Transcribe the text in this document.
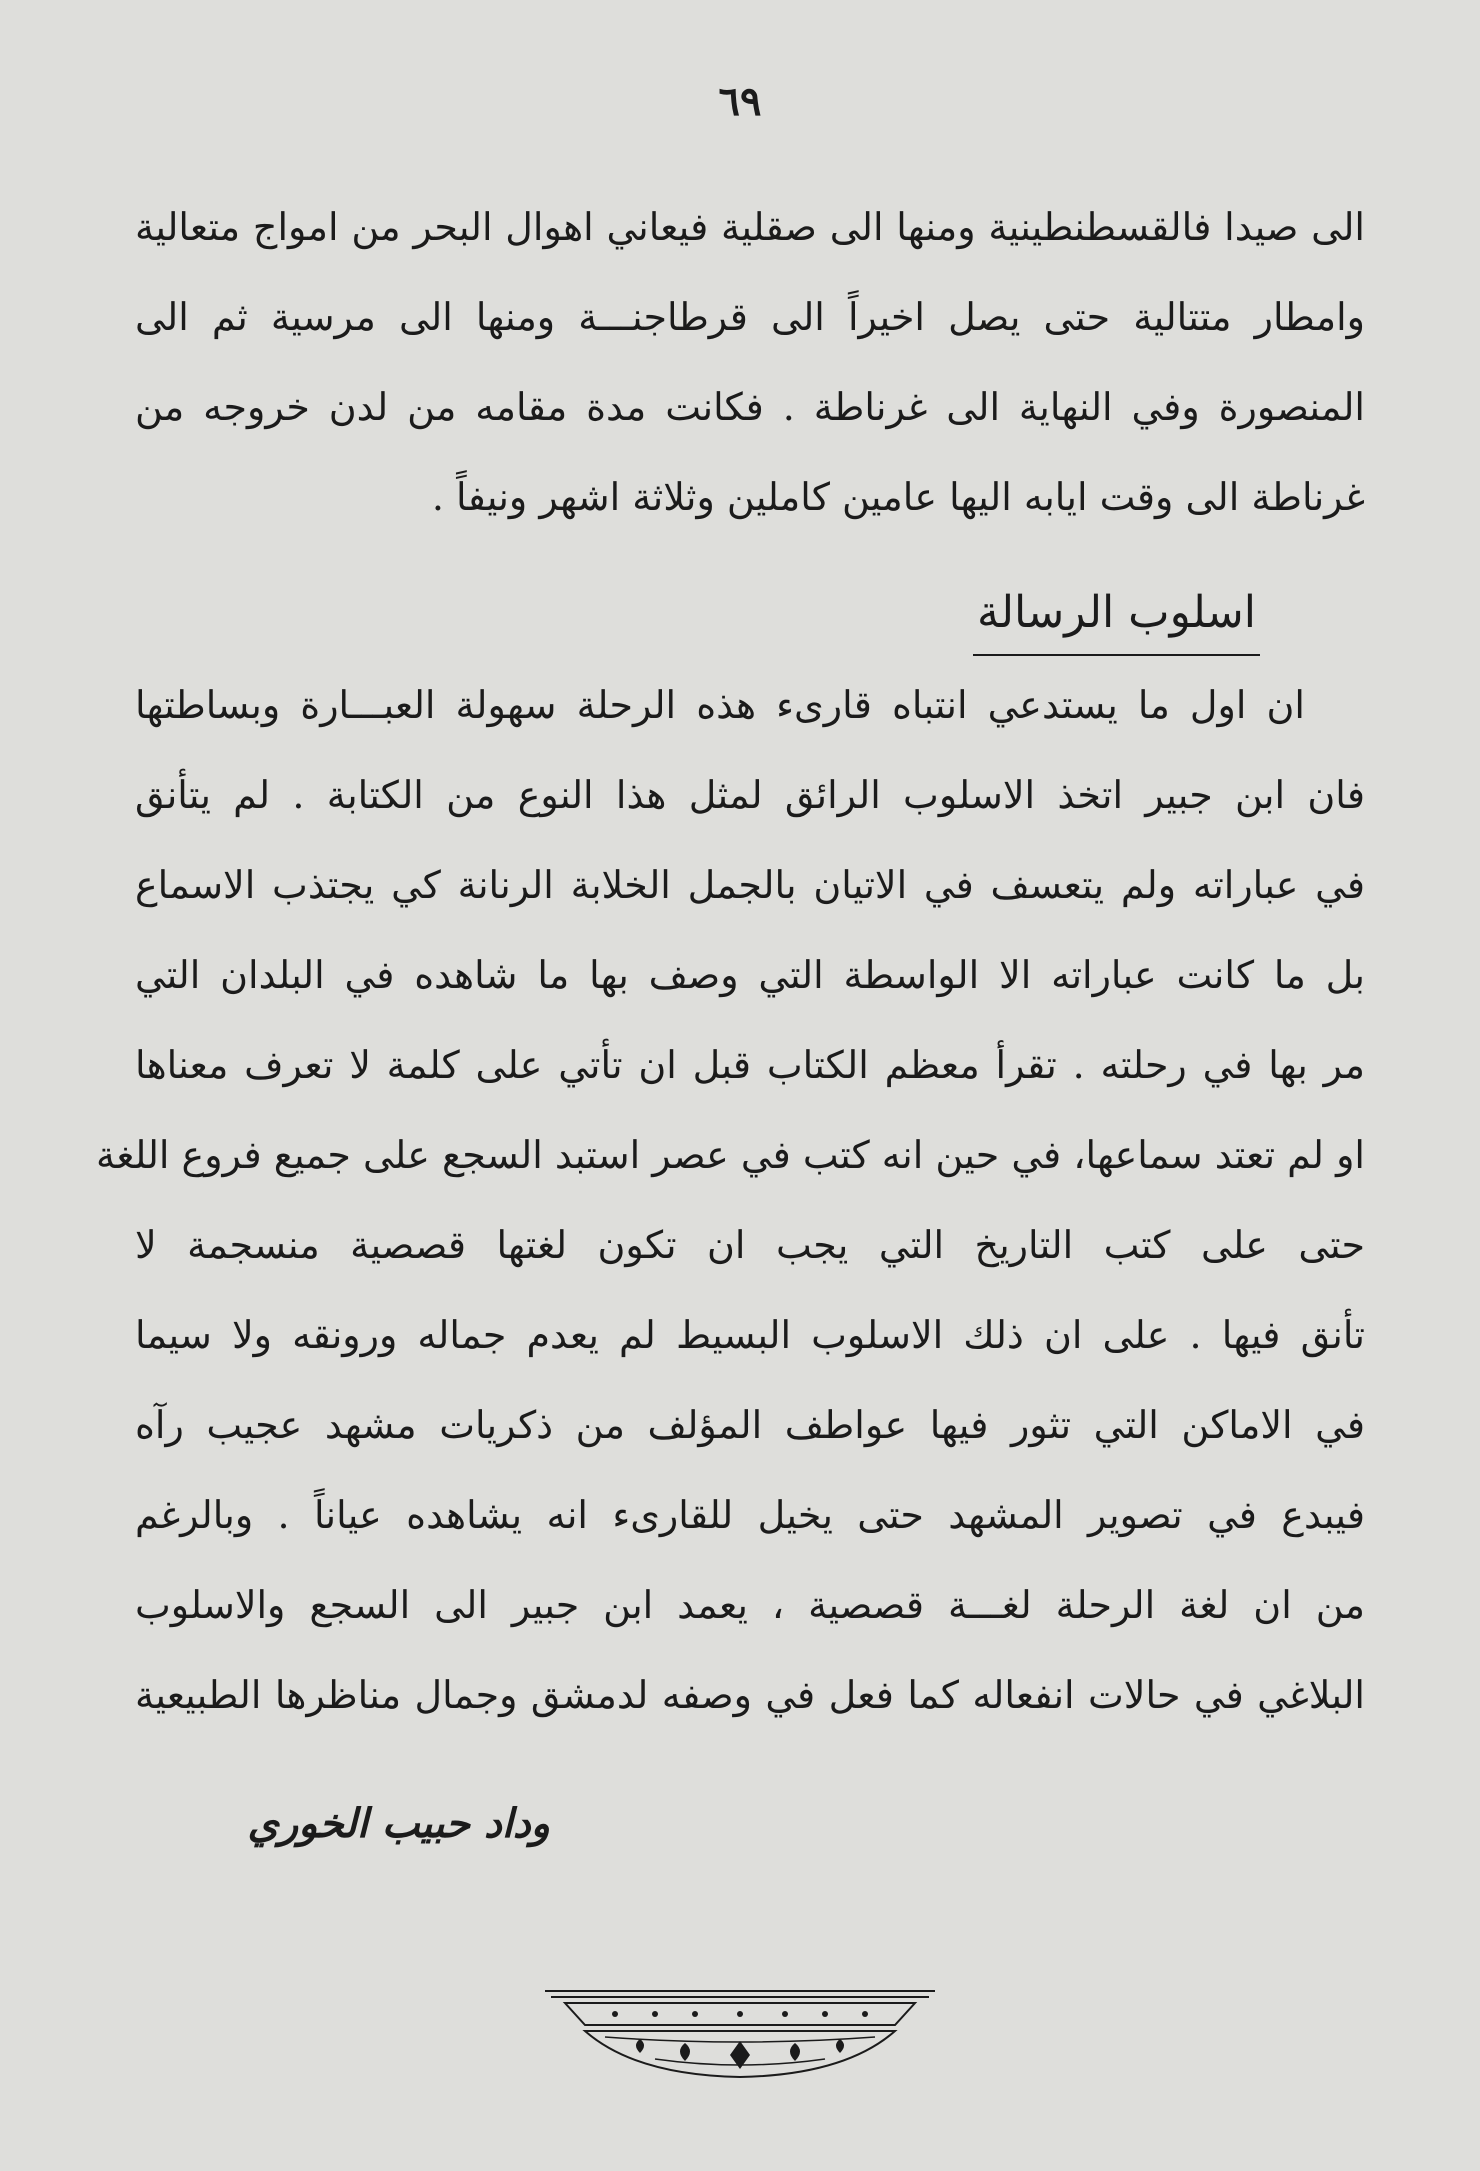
٦٩
الى صيدا فالقسطنطينية ومنها الى صقلية فيعاني اهوال البحر من امواج متعالية
وامطار متتالية حتى يصل اخيراً الى قرطاجنـــة ومنها الى مرسية ثم الى
المنصورة وفي النهاية الى غرناطة . فكانت مدة مقامه من لدن خروجه من
غرناطة الى وقت ايابه اليها عامين كاملين وثلاثة اشهر ونيفاً .
اسلوب الرسالة
ان اول ما يستدعي انتباه قارىء هذه الرحلة سهولة العبـــارة وبساطتها
فان ابن جبير اتخذ الاسلوب الرائق لمثل هذا النوع من الكتابة . لم يتأنق
في عباراته ولم يتعسف في الاتيان بالجمل الخلابة الرنانة كي يجتذب الاسماع
بل ما كانت عباراته الا الواسطة التي وصف بها ما شاهده في البلدان التي
مر بها في رحلته . تقرأ معظم الكتاب قبل ان تأتي على كلمة لا تعرف معناها
او لم تعتد سماعها، في حين انه كتب في عصر استبد السجع على جميع فروع اللغة
حتى على كتب التاريخ التي يجب ان تكون لغتها قصصية منسجمة لا
تأنق فيها . على ان ذلك الاسلوب البسيط لم يعدم جماله ورونقه ولا سيما
في الاماكن التي تثور فيها عواطف المؤلف من ذكريات مشهد عجيب رآه
فيبدع في تصوير المشهد حتى يخيل للقارىء انه يشاهده عياناً . وبالرغم
من ان لغة الرحلة لغـــة قصصية ، يعمد ابن جبير الى السجع والاسلوب
البلاغي في حالات انفعاله كما فعل في وصفه لدمشق وجمال مناظرها الطبيعية
وداد حبيب الخوري
